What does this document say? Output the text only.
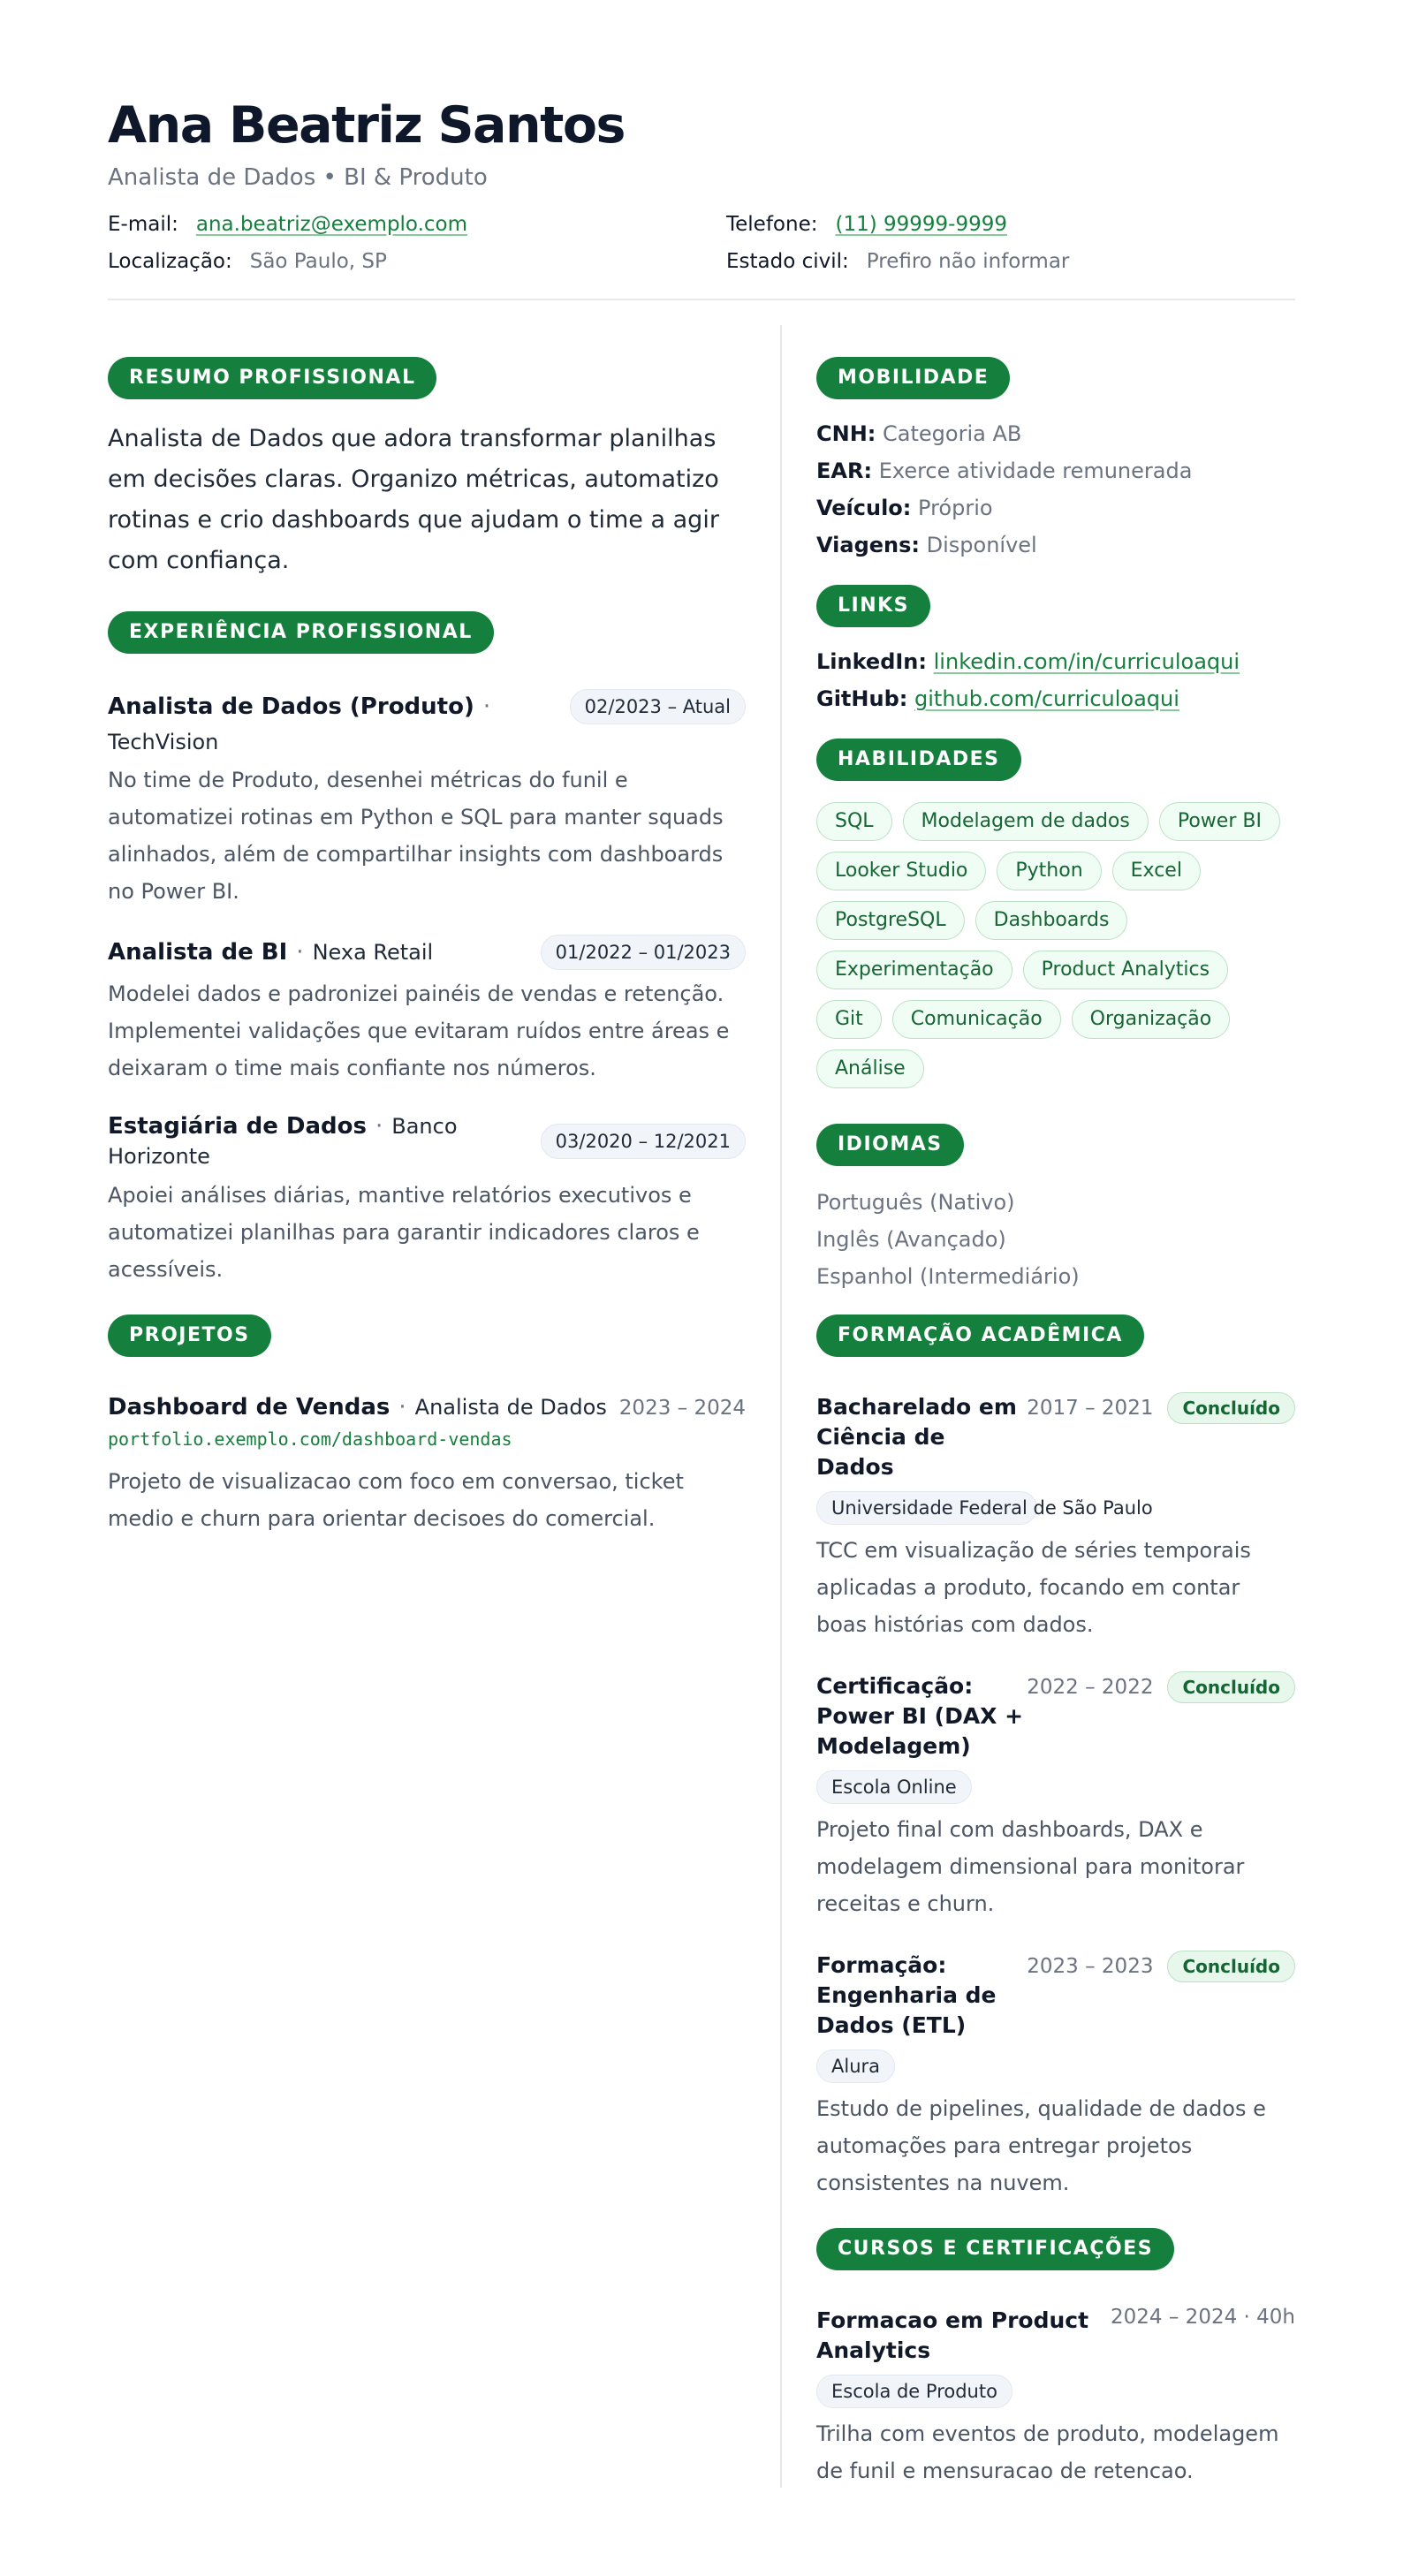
Ana Beatriz Santos
Analista de Dados • BI & Produto
E-mail: ana.beatriz@exemplo.com	Telefone: (11) 99999-9999
Localização: São Paulo, SP	Estado civil: Prefiro não informar
RESUMO PROFISSIONAL

Analista de Dados que adora transformar planilhas em decisões claras. Organizo métricas, automatizo rotinas e crio dashboards que ajudam o time a agir com confiança.

EXPERIÊNCIA PROFISSIONAL
Analista de Dados (Produto) ·	02/2023 – Atual
TechVision

No time de Produto, desenhei métricas do funil e automatizei rotinas em Python e SQL para manter squads alinhados, além de compartilhar insights com dashboards no Power BI.

Analista de BI · Nexa Retail	01/2022 – 01/2023

Modelei dados e padronizei painéis de vendas e retenção. Implementei validações que evitaram ruídos entre áreas e deixaram o time mais confiante nos números.

Estagiária de Dados · Banco Horizonte
03/2020 – 12/2021

Apoiei análises diárias, mantive relatórios executivos e automatizei planilhas para garantir indicadores claros e acessíveis.

PROJETOS
Dashboard de Vendas · Analista de Dados 2023 – 2024
portfolio.exemplo.com/dashboard-vendas

Projeto de visualizacao com foco em conversao, ticket medio e churn para orientar decisoes do comercial.

MOBILIDADE
CNH: Categoria AB
EAR: Exerce atividade remunerada
Veículo: Próprio
Viagens: Disponível
LINKS
LinkedIn: linkedin.com/in/curriculoaqui
GitHub: github.com/curriculoaqui
HABILIDADES
SQL	Modelagem de dados	Power BI
Looker Studio	Python	Excel
PostgreSQL	Dashboards
Experimentação	Product Analytics
Git	Comunicação	Organização
Análise
IDIOMAS
Português (Nativo)
Inglês (Avançado)
Espanhol (Intermediário)
FORMAÇÃO ACADÊMICA
Bacharelado em Ciência de Dados
2017 – 2021	Concluído
Universidade Federal de São Paulo

TCC em visualização de séries temporais aplicadas a produto, focando em contar boas histórias com dados.

Certificação: Power BI (DAX + Modelagem)
2022 – 2022	Concluído
Escola Online

Projeto final com dashboards, DAX e modelagem dimensional para monitorar receitas e churn.

Formação: Engenharia de Dados (ETL)
2023 – 2023	Concluído
Alura

Estudo de pipelines, qualidade de dados e automações para entregar projetos consistentes na nuvem.

CURSOS E CERTIFICAÇÕES
Formacao em Product Analytics
2024 – 2024 · 40h
Escola de Produto

Trilha com eventos de produto, modelagem de funil e mensuracao de retencao.
